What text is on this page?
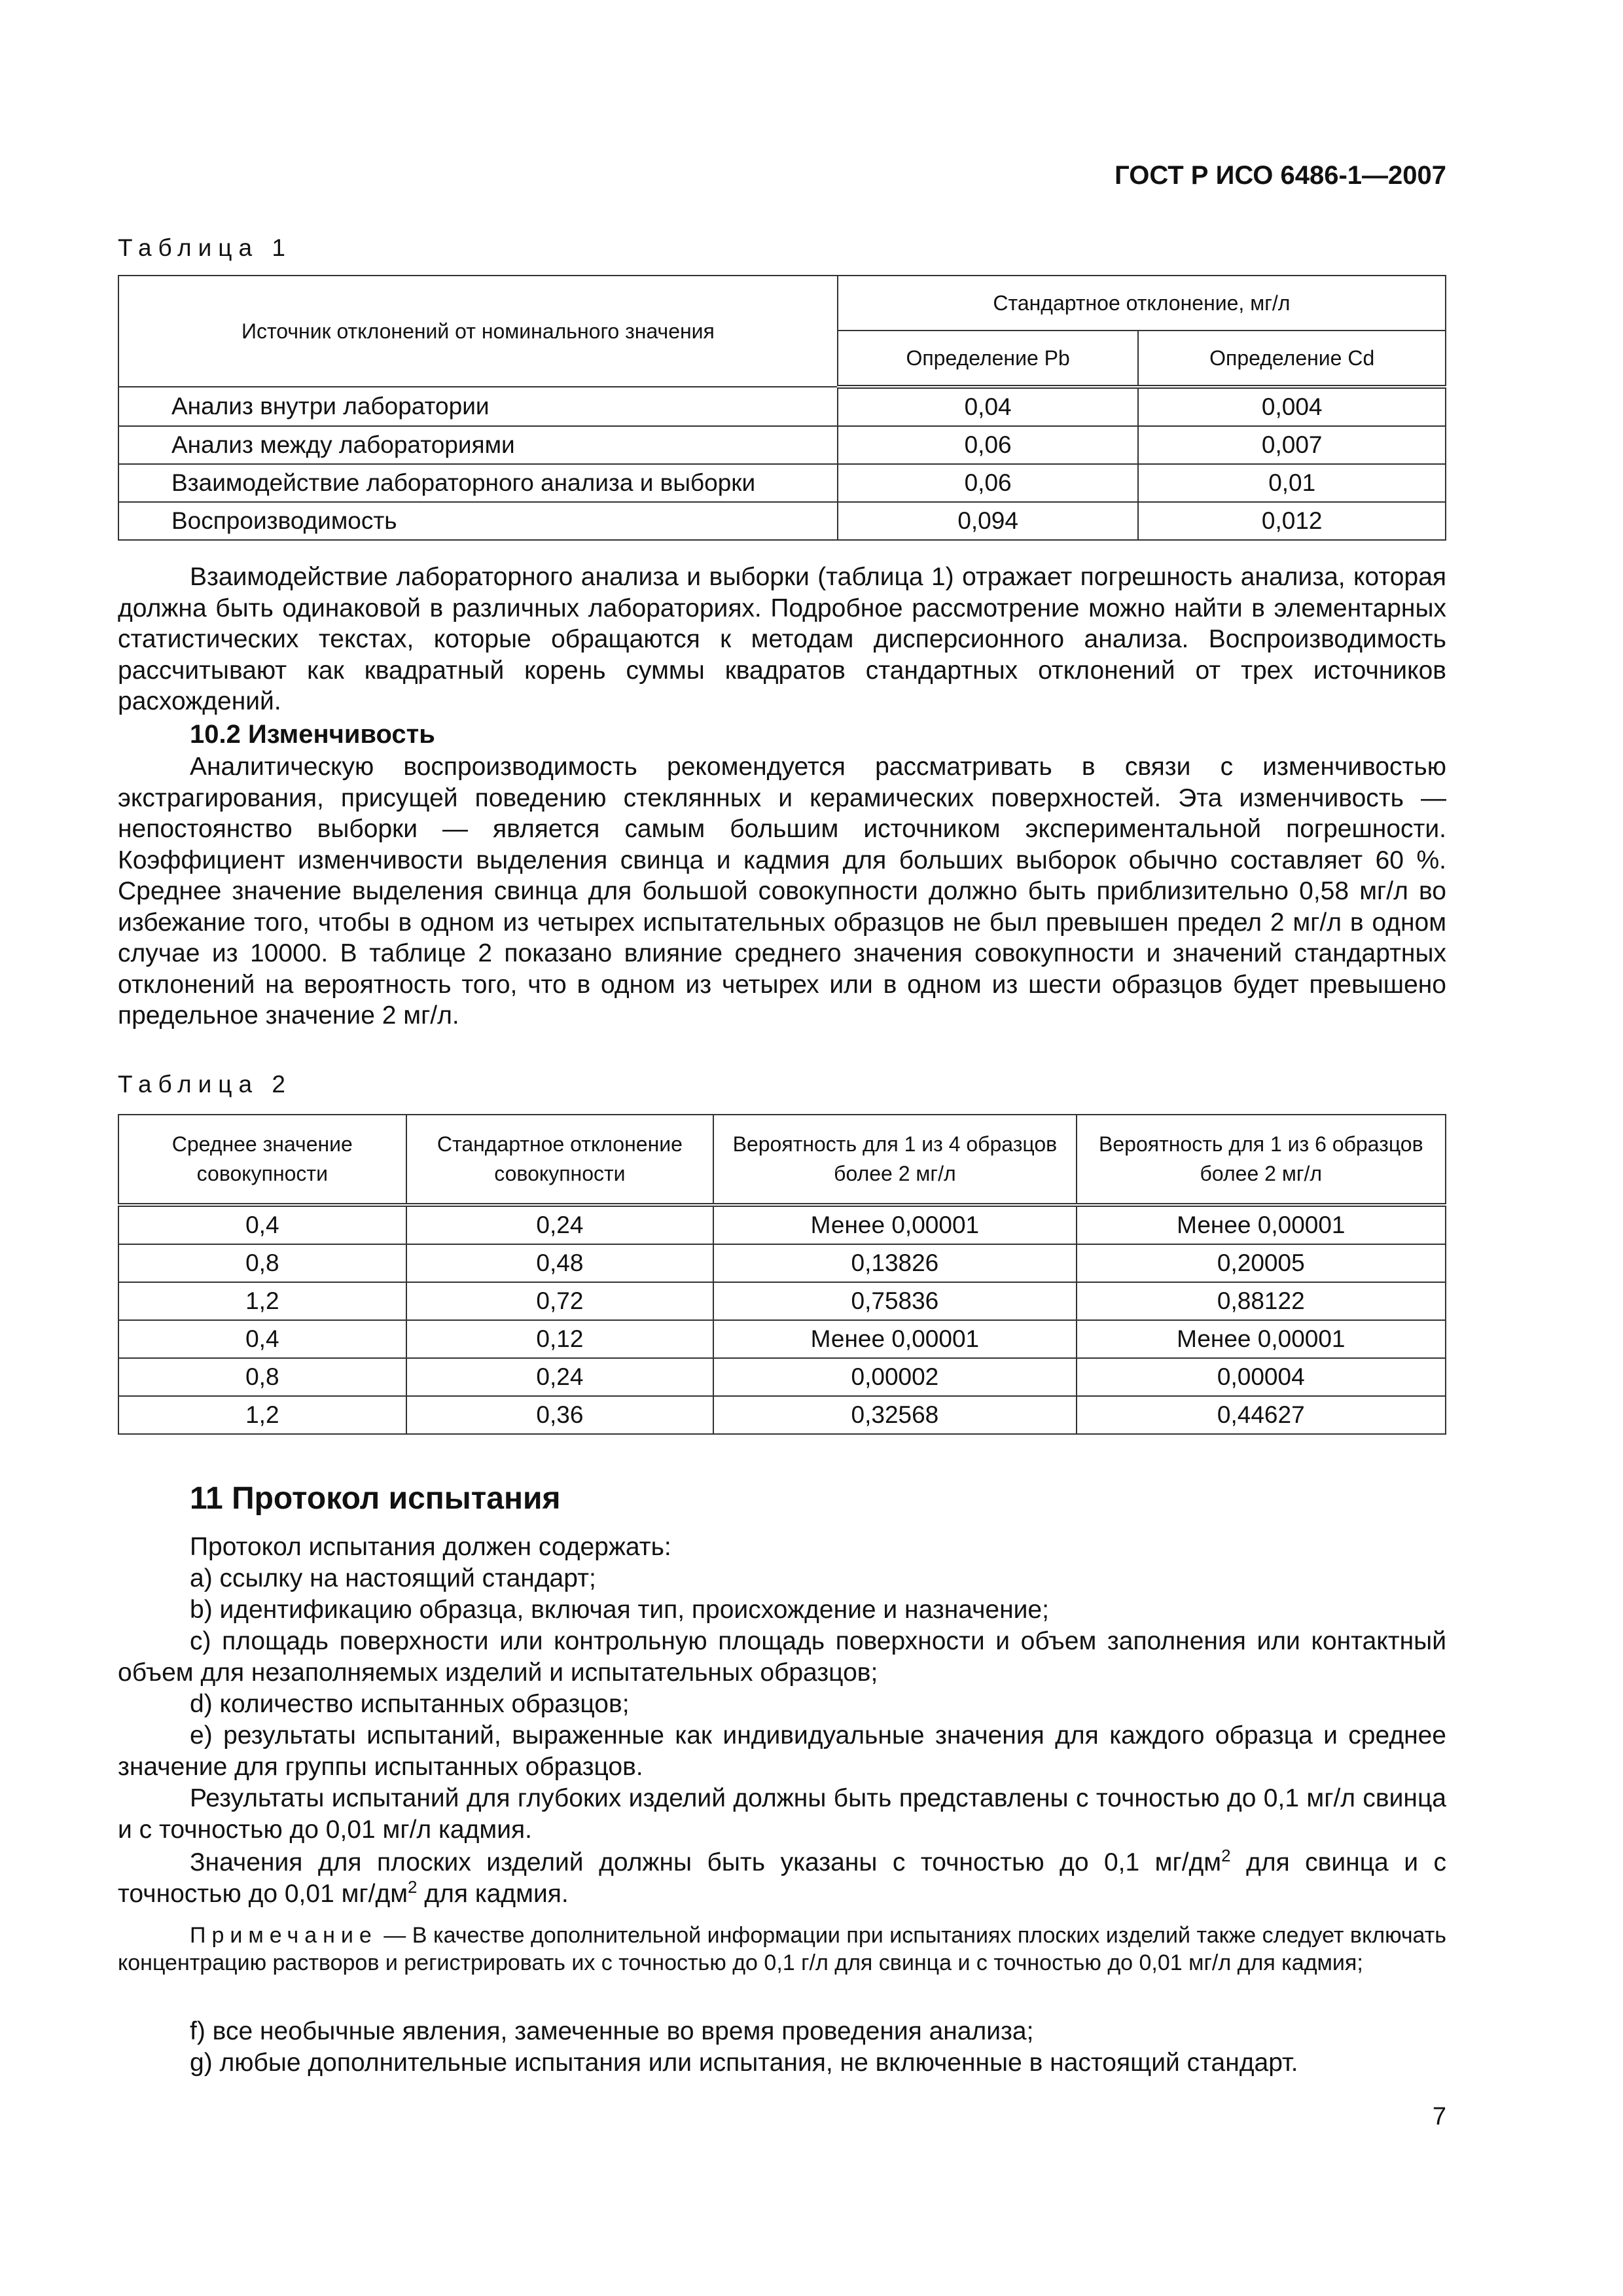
ГОСТ Р ИСО 6486-1—2007
Таблица 1
Источник отклонений от номинального значения	Стандартное отклонение, мг/л	
	Определение Pb	Определение Cd
Анализ внутри лаборатории	0,04	0,004
Анализ между лабораториями	0,06	0,007
Взаимодействие лабораторного анализа и выборки	0,06	0,01
Воспроизводимость	0,094	0,012
Взаимодействие лабораторного анализа и выборки (таблица 1) отражает погрешность анализа, которая должна быть одинаковой в различных лабораториях. Подробное рассмотрение можно найти в элементарных статистических текстах, которые обращаются к методам дисперсионного анализа. Воспроизводимость рассчитывают как квадратный корень суммы квадратов стандартных отклонений от трех источников расхождений.
10.2 Изменчивость
Аналитическую воспроизводимость рекомендуется рассматривать в связи с изменчивостью экстрагирования, присущей поведению стеклянных и керамических поверхностей. Эта изменчивость — непостоянство выборки — является самым большим источником экспериментальной погрешности. Коэффициент изменчивости выделения свинца и кадмия для больших выборок обычно составляет 60 %. Среднее значение выделения свинца для большой совокупности должно быть приблизительно 0,58 мг/л во избежание того, чтобы в одном из четырех испытательных образцов не был превышен предел 2 мг/л в одном случае из 10000. В таблице 2 показано влияние среднего значения совокупности и значений стандартных отклонений на вероятность того, что в одном из четырех или в одном из шести образцов будет превышено предельное значение 2 мг/л.
Таблица 2
Среднее значение совокупности	Стандартное отклонение совокупности	Вероятность для 1 из 4 образцов более 2 мг/л	Вероятность для 1 из 6 образцов более 2 мг/л
0,4	0,24	Менее 0,00001	Менее 0,00001
0,8	0,48	0,13826	0,20005
1,2	0,72	0,75836	0,88122
0,4	0,12	Менее 0,00001	Менее 0,00001
0,8	0,24	0,00002	0,00004
1,2	0,36	0,32568	0,44627
11 Протокол испытания
Протокол испытания должен содержать:
a) ссылку на настоящий стандарт;
b) идентификацию образца, включая тип, происхождение и назначение;
c) площадь поверхности или контрольную площадь поверхности и объем заполнения или контактный объем для незаполняемых изделий и испытательных образцов;
d) количество испытанных образцов;
e) результаты испытаний, выраженные как индивидуальные значения для каждого образца и среднее значение для группы испытанных образцов.
Результаты испытаний для глубоких изделий должны быть представлены с точностью до 0,1 мг/л свинца и с точностью до 0,01 мг/л кадмия.
Значения для плоских изделий должны быть указаны с точностью до 0,1 $мг/дм^2$ для свинца и с точностью до 0,01 $мг/дм^2$ для кадмия.
Примечание — В качестве дополнительной информации при испытаниях плоских изделий также следует включать концентрацию растворов и регистрировать их с точностью до 0,1 г/л для свинца и с точностью до 0,01 мг/л для кадмия;
f) все необычные явления, замеченные во время проведения анализа;
g) любые дополнительные испытания или испытания, не включенные в настоящий стандарт.
7
